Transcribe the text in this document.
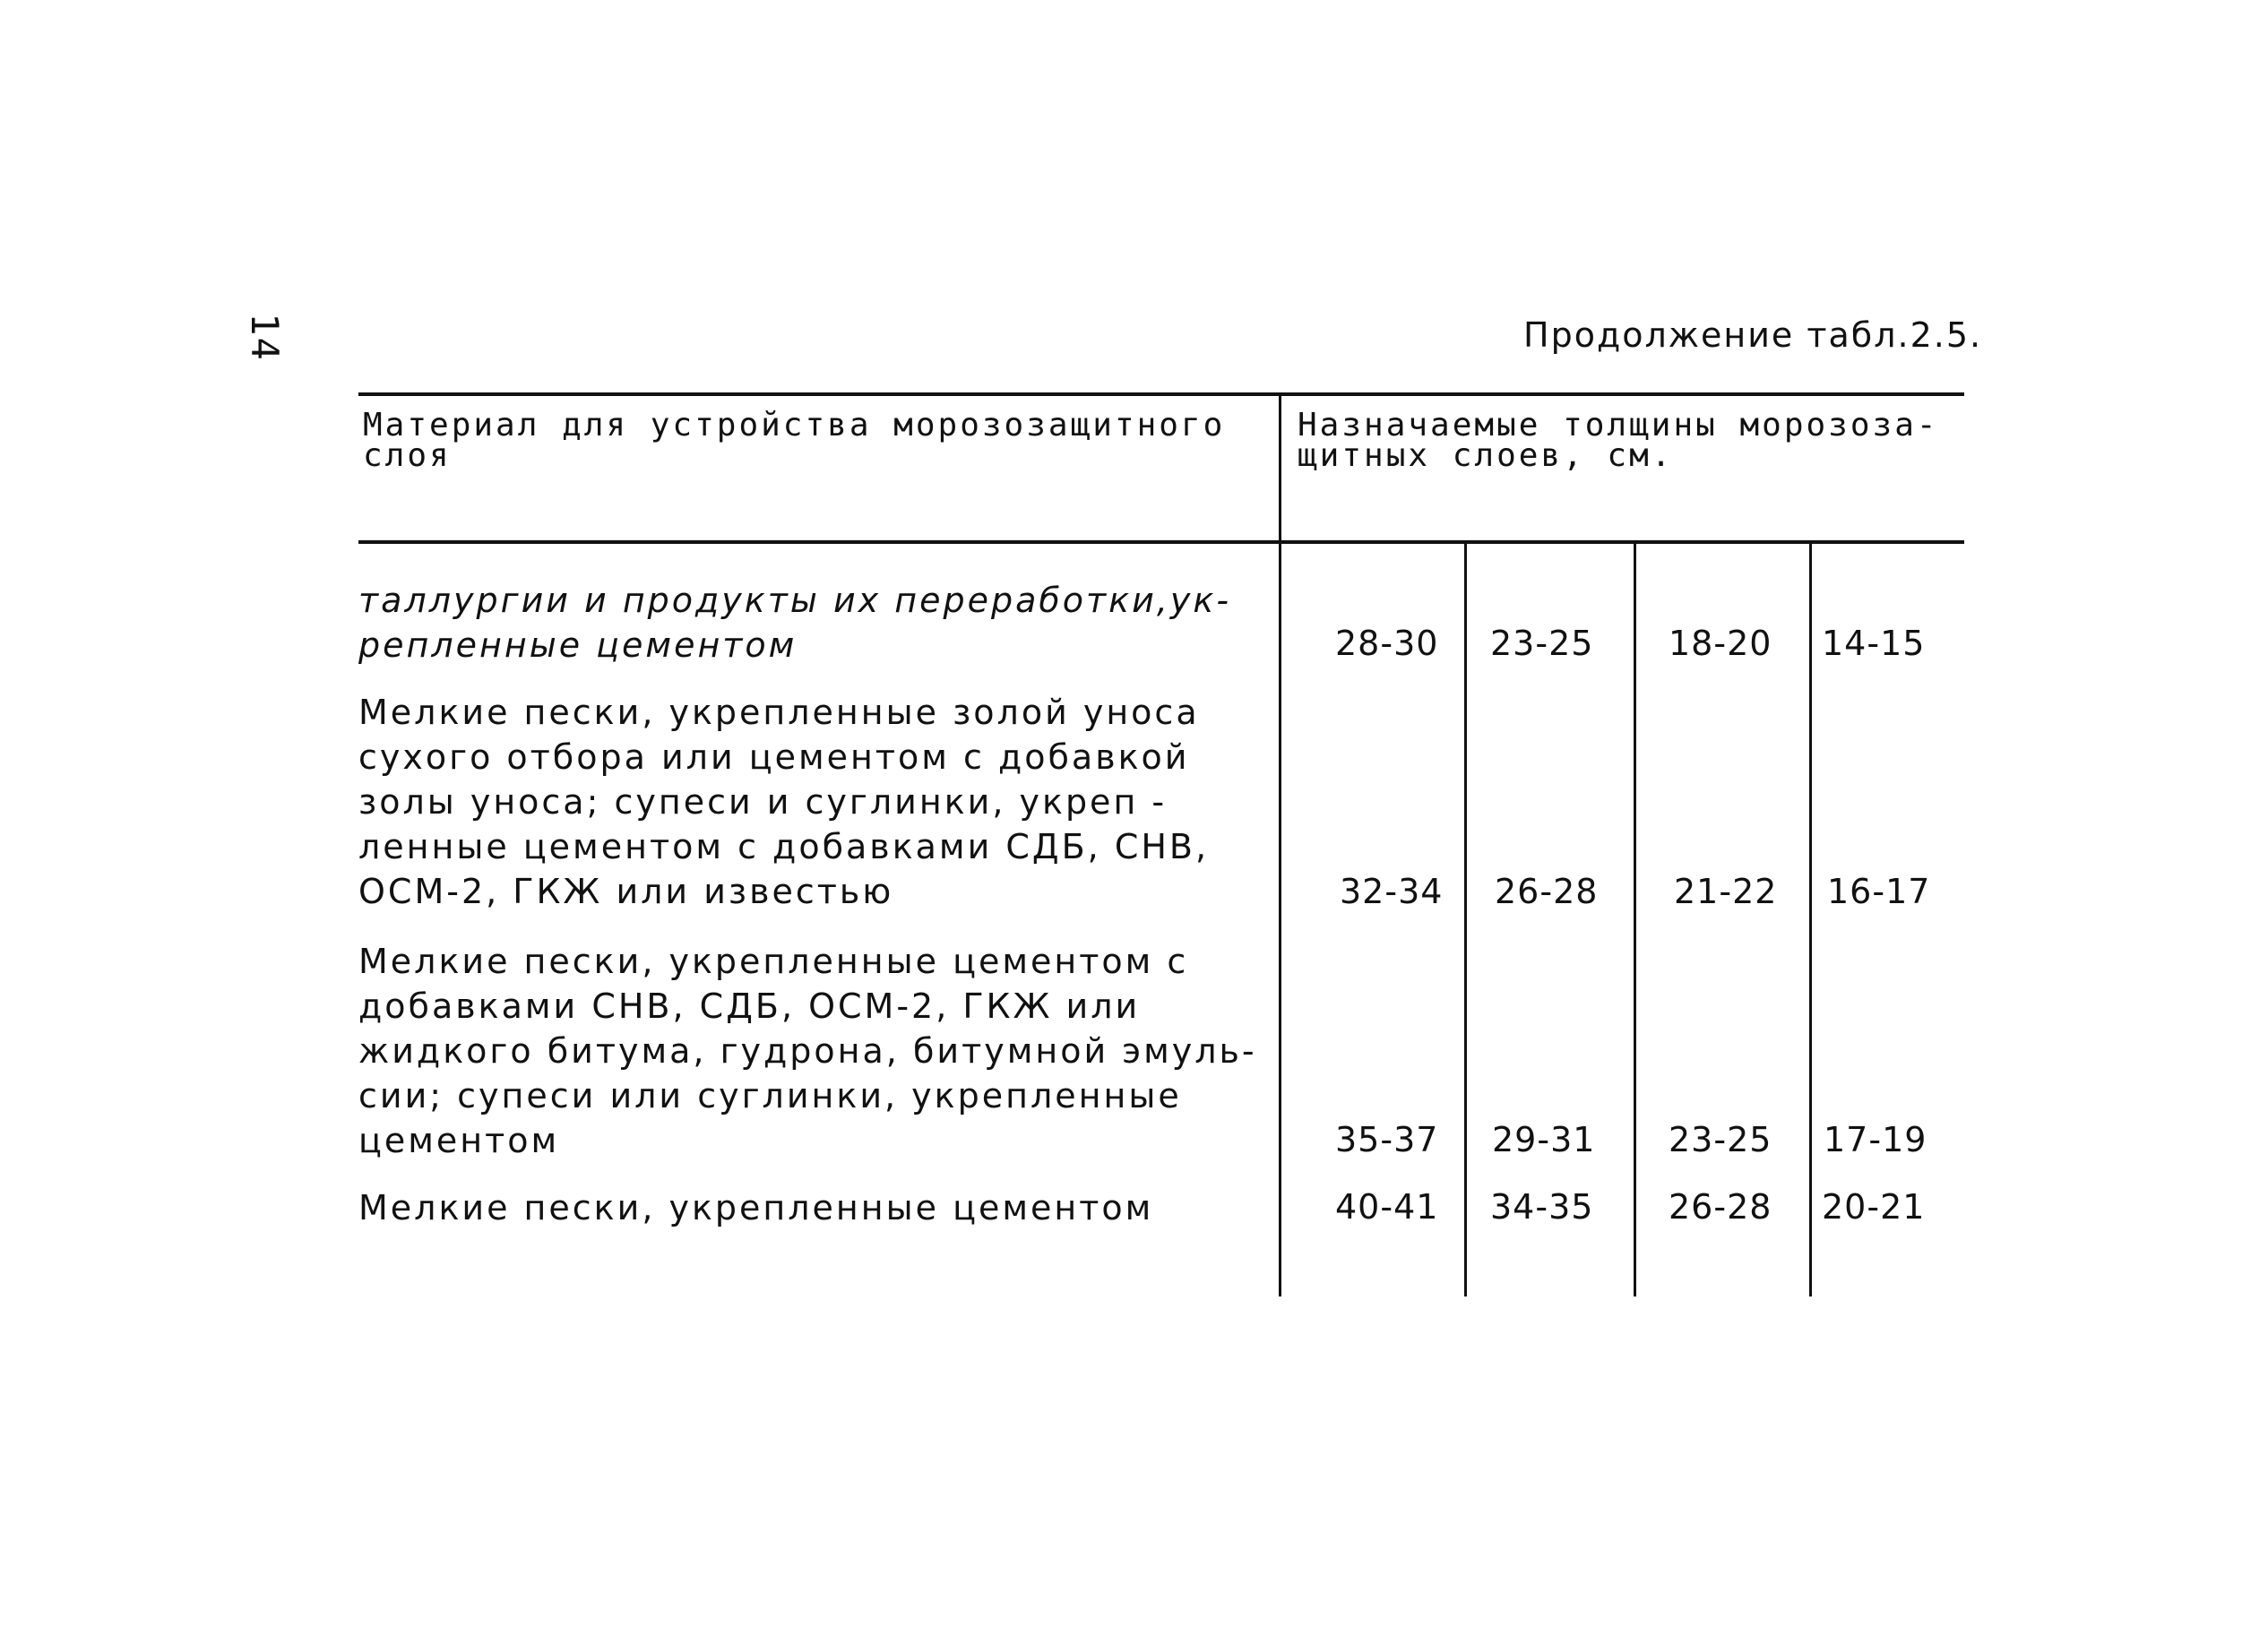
14	Продолжение табл.2.5.
Материал для устройства морозозащитного
слоя
Назначаемые толщины морозоза-
щитных слоев, см.
таллургии и продукты их переработки,ук-
репленные цементом	28-30 23-25 18-20 14-15
Мелкие пески, укрепленные золой уноса сухого отбора или цементом с добавкой золы уноса; супеси и суглинки, укреп - ленные цементом с добавками СДБ, СНВ, ОСМ-2, ГКЖ или известью	32-34 26-28 21-22 16-17
Мелкие пески, укрепленные цементом с добавками СНВ, СДБ, ОСМ-2, ГКЖ или жидкого битума, гудрона, битумной эмуль- сии; супеси или суглинки, укрепленные цементом	35-37 29-31 23-25 17-19
Мелкие пески, укрепленные цементом	40-41 34-35 26-28 20-21
